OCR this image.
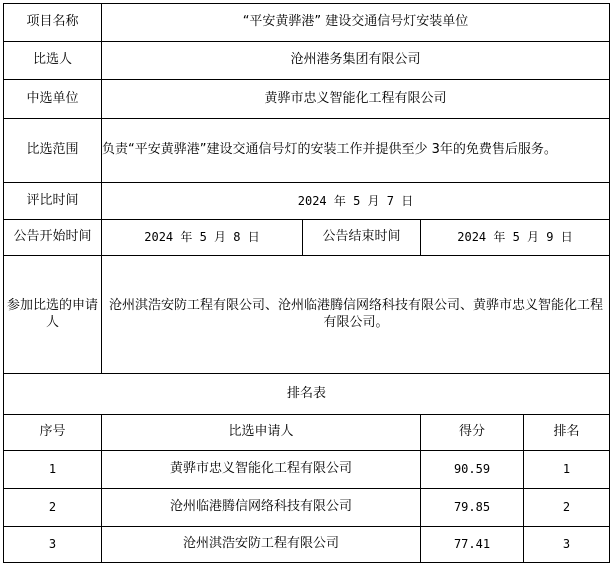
项目名称	“平安黄骅港” 建设交通信号灯安装单位			
比选人	沧州港务集团有限公司			
中选单位	黄骅市忠义智能化工程有限公司			
比选范围	负责“平安黄骅港”建设交通信号灯的安装工作并提供至少 3年的免费售后服务。			
评比时间	2024 年 5 月 7 日			
公告开始时间	2024 年 5 月 8 日	公告结束时间	2024 年 5 月 9 日	
参加比选的申请人	沧州淇浩安防工程有限公司、沧州临港腾信网络科技有限公司、黄骅市忠义智能化工程有限公司。			

排名表				
序号	比选申请人		得分	排名
1	黄骅市忠义智能化工程有限公司		90.59	1
2	沧州临港腾信网络科技有限公司		79.85	2
3	沧州淇浩安防工程有限公司		77.41	3
